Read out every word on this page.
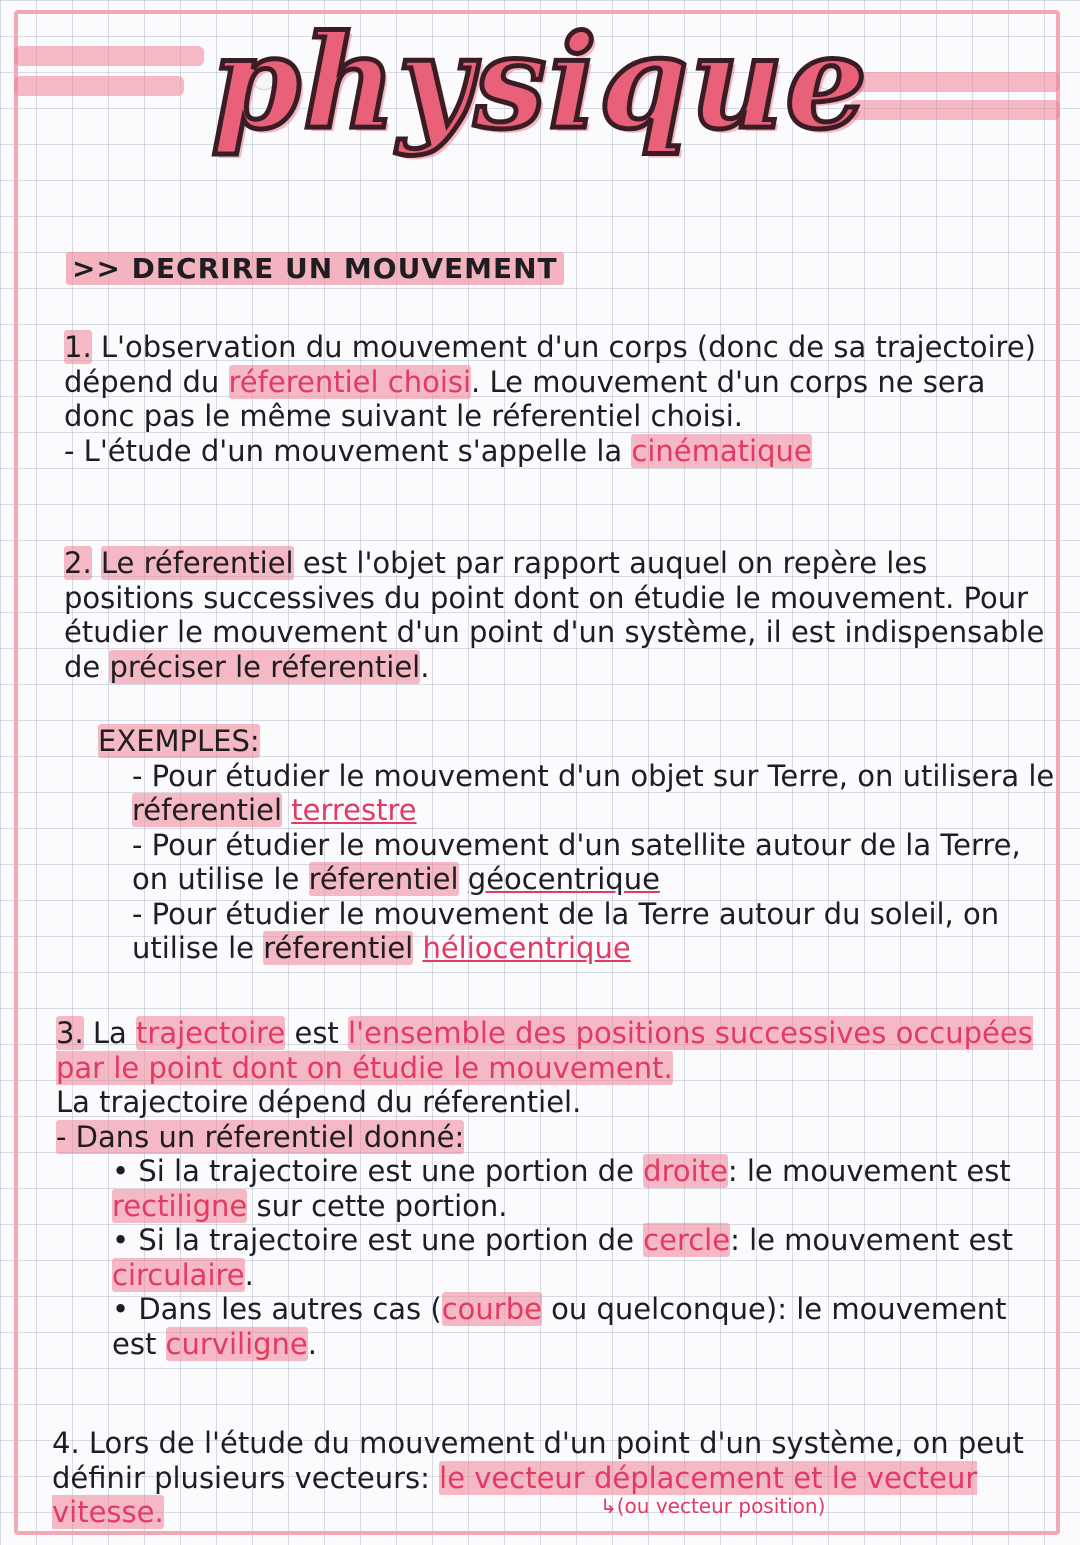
physique
>> DECRIRE UN MOUVEMENT
1. L'observation du mouvement d'un corps (donc de sa trajectoire) dépend du réferentiel choisi. Le mouvement d'un corps ne sera donc pas le même suivant le réferentiel choisi.
- L'étude d'un mouvement s'appelle la cinématique
2. Le réferentiel est l'objet par rapport auquel on repère les positions successives du point dont on étudie le mouvement. Pour étudier le mouvement d'un point d'un système, il est indispensable de préciser le réferentiel.
EXEMPLES:
- Pour étudier le mouvement d'un objet sur Terre, on utilisera le réferentiel terrestre
- Pour étudier le mouvement d'un satellite autour de la Terre, on utilise le réferentiel géocentrique
- Pour étudier le mouvement de la Terre autour du soleil, on utilise le réferentiel héliocentrique
3. La trajectoire est l'ensemble des positions successives occupées par le point dont on étudie le mouvement.
La trajectoire dépend du réferentiel.
- Dans un réferentiel donné:
• Si la trajectoire est une portion de droite: le mouvement est rectiligne sur cette portion.
• Si la trajectoire est une portion de cercle: le mouvement est circulaire.
• Dans les autres cas (courbe ou quelconque): le mouvement est curviligne.
4. Lors de l'étude du mouvement d'un point d'un système, on peut définir plusieurs vecteurs: le vecteur déplacement et le vecteur vitesse.	↳(ou vecteur position)
